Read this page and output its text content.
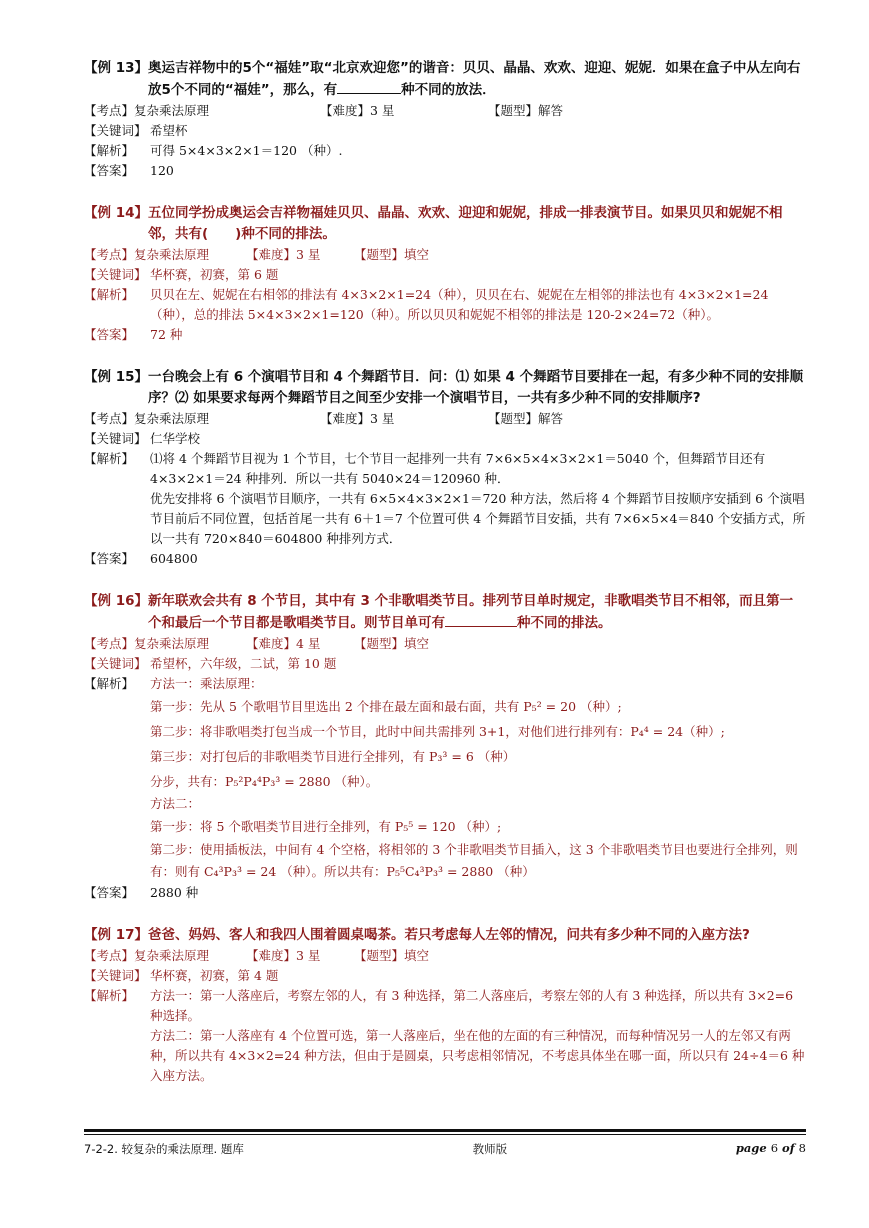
【例 13】 奥运吉祥物中的5个“福娃”取“北京欢迎您”的谐音：贝贝、晶晶、欢欢、迎迎、妮妮．如果在盒子中从左向右放5个不同的“福娃”，那么，有	种不同的放法．
【考点】复杂乘法原理	【难度】3 星	【题型】解答
【关键词】 希望杯
【解析】	可得 5×4×3×2×1＝120 （种）.
【答案】	120
【例 14】 五位同学扮成奥运会吉祥物福娃贝贝、晶晶、欢欢、迎迎和妮妮，排成一排表演节目。如果贝贝和妮妮不相邻，共有(　　)种不同的排法。
【考点】复杂乘法原理	【难度】3 星	【题型】填空
【关键词】 华杯赛，初赛，第 6 题
【解析】	贝贝在左、妮妮在右相邻的排法有 4×3×2×1=24（种），贝贝在右、妮妮在左相邻的排法也有 4×3×2×1=24（种），总的排法 5×4×3×2×1=120（种）。所以贝贝和妮妮不相邻的排法是 120-2×24=72（种）。
【答案】	72 种
【例 15】 一台晚会上有 6 个演唱节目和 4 个舞蹈节目．问：⑴ 如果 4 个舞蹈节目要排在一起，有多少种不同的安排顺序？⑵ 如果要求每两个舞蹈节目之间至少安排一个演唱节目，一共有多少种不同的安排顺序?
【考点】复杂乘法原理	【难度】3 星	【题型】解答
【关键词】 仁华学校
【解析】	⑴将 4 个舞蹈节目视为 1 个节目，七个节目一起排列一共有 7×6×5×4×3×2×1＝5040 个，但舞蹈节目还有 4×3×2×1＝24 种排列．所以一共有 5040×24＝120960 种．

优先安排将 6 个演唱节目顺序，一共有 6×5×4×3×2×1＝720 种方法，然后将 4 个舞蹈节目按顺序安插到 6 个演唱节目前后不同位置，包括首尾一共有 6＋1＝7 个位置可供 4 个舞蹈节目安插，共有 7×6×5×4＝840 个安插方式，所以一共有 720×840＝604800 种排列方式．

【答案】	604800
【例 16】 新年联欢会共有 8 个节目，其中有 3 个非歌唱类节目。排列节目单时规定，非歌唱类节目不相邻，而且第一个和最后一个节目都是歌唱类节目。则节目单可有	种不同的排法。
【考点】复杂乘法原理	【难度】4 星	【题型】填空
【关键词】 希望杯，六年级，二试，第 10 题
【解析】	方法一：乘法原理：

第一步：先从 5 个歌唱节目里选出 2 个排在最左面和最右面，共有 P₅² = 20 （种）;

第二步：将非歌唱类打包当成一个节目，此时中间共需排列 3+1，对他们进行排列有：P₄⁴ = 24（种）;

第三步：对打包后的非歌唱类节目进行全排列，有 P₃³ = 6 （种）

分步，共有：P₅²P₄⁴P₃³ = 2880 （种）。

方法二：

第一步：将 5 个歌唱类节目进行全排列，有 P₅⁵ = 120 （种）;

第二步：使用插板法，中间有 4 个空格，将相邻的 3 个非歌唱类节目插入，这 3 个非歌唱类节目也要进行全排列，则有：则有 C₄³P₃³ = 24 （种）。所以共有：P₅⁵C₄³P₃³ = 2880 （种）

【答案】	2880 种
【例 17】 爸爸、妈妈、客人和我四人围着圆桌喝茶。若只考虑每人左邻的情况，问共有多少种不同的入座方法?
【考点】复杂乘法原理	【难度】3 星	【题型】填空
【关键词】 华杯赛，初赛，第 4 题
【解析】	方法一：第一人落座后，考察左邻的人，有 3 种选择，第二人落座后，考察左邻的人有 3 种选择，所以共有 3×2=6 种选择。

方法二：第一人落座有 4 个位置可选，第一人落座后，坐在他的左面的有三种情况，而每种情况另一人的左邻又有两种，所以共有 4×3×2=24 种方法，但由于是圆桌，只考虑相邻情况，不考虑具体坐在哪一面，所以只有 24÷4＝6 种入座方法。

7-2-2. 较复杂的乘法原理. 题库	教师版	page 6 of 8
